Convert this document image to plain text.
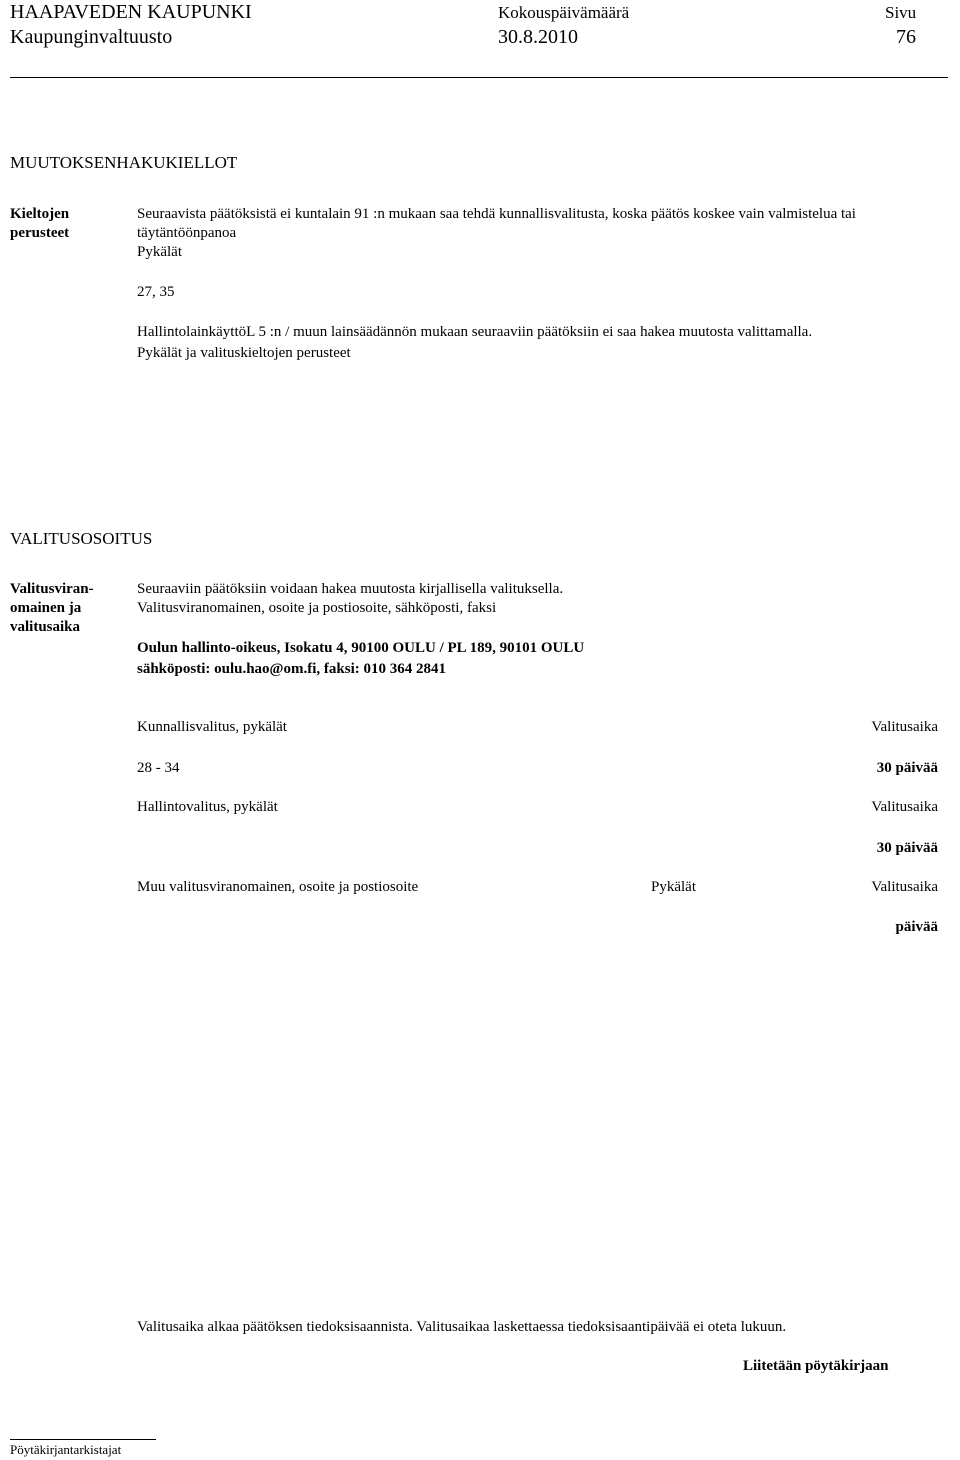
HAAPAVEDEN KAUPUNKI
Kaupunginvaltuusto
Kokouspäivämäärä
30.8.2010
Sivu
76
MUUTOKSENHAKUKIELLOT
Kieltojen
perusteet
Seuraavista päätöksistä ei kuntalain 91 :n mukaan saa tehdä kunnallisvalitusta, koska päätös koskee vain valmistelua tai
täytäntöönpanoa
Pykälät
27, 35
HallintolainkäyttöL 5 :n / muun lainsäädännön mukaan seuraaviin päätöksiin ei saa hakea muutosta valittamalla.
Pykälät ja valituskieltojen perusteet
VALITUSOSOITUS
Valitusviran-
omainen ja
valitusaika
Seuraaviin päätöksiin voidaan hakea muutosta kirjallisella valituksella.
Valitusviranomainen, osoite ja postiosoite, sähköposti, faksi
Oulun hallinto-oikeus, Isokatu 4, 90100 OULU / PL 189, 90101 OULU
sähköposti: oulu.hao@om.fi, faksi: 010 364 2841
Kunnallisvalitus, pykälät	Valitusaika
28 - 34	30 päivää
Hallintovalitus, pykälät	Valitusaika
30 päivää
Muu valitusviranomainen, osoite ja postiosoite	Pykälät	Valitusaika
päivää
Valitusaika alkaa päätöksen tiedoksisaannista. Valitusaikaa laskettaessa tiedoksisaantipäivää ei oteta lukuun.
Liitetään pöytäkirjaan
Pöytäkirjantarkistajat
